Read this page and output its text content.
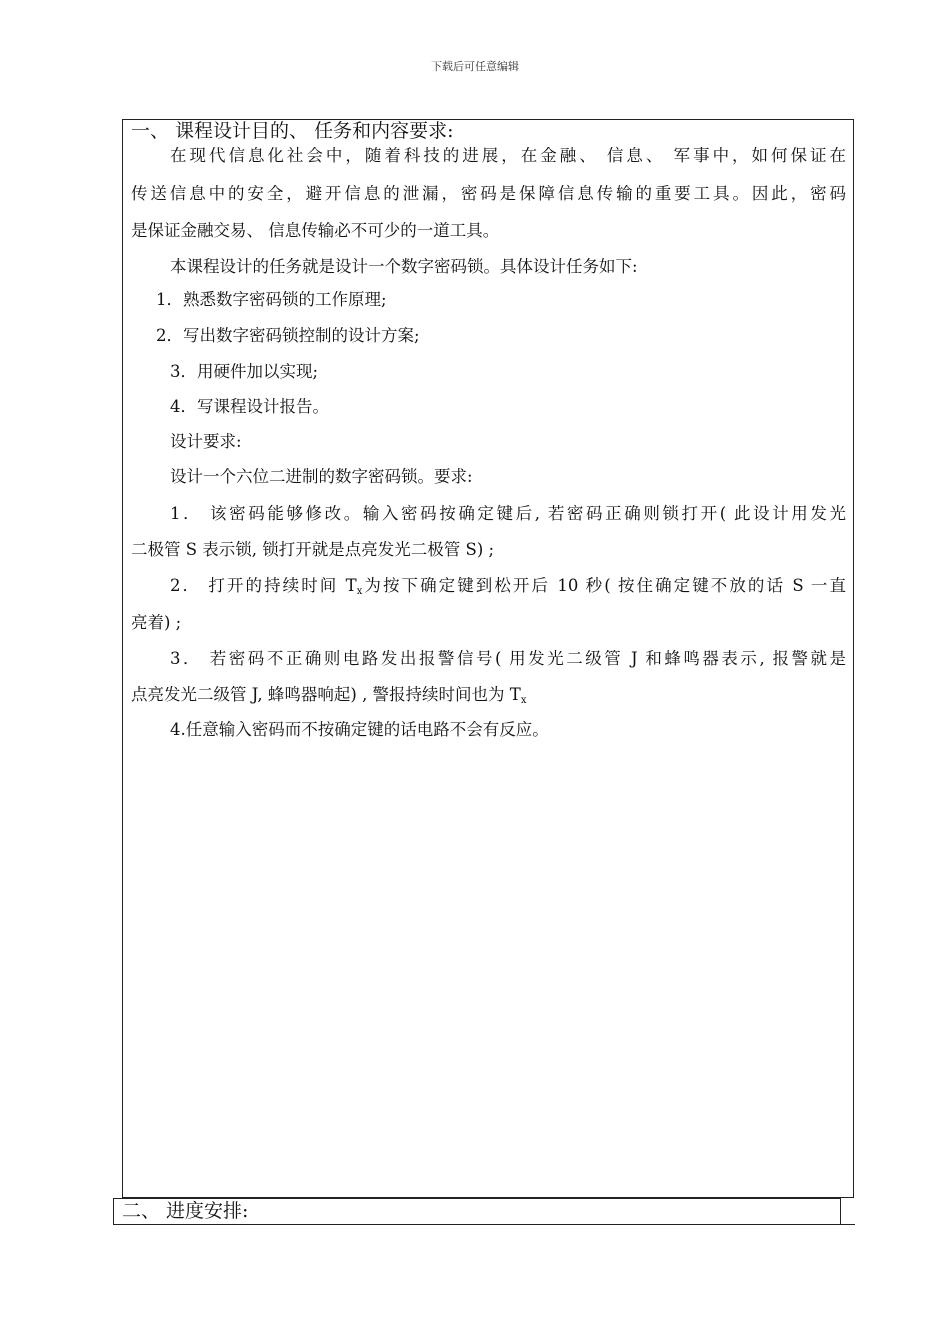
下载后可任意编辑
一、 课程设计目的、 任务和内容要求:
在现代信息化社会中，随着科技的进展，在金融、 信息、 军事中，如何保证在
传送信息中的安全，避开信息的泄漏，密码是保障信息传输的重要工具。因此，密码
是保证金融交易、 信息传输必不可少的一道工具。
本课程设计的任务就是设计一个数字密码锁。具体设计任务如下:
1．熟悉数字密码锁的工作原理;
2．写出数字密码锁控制的设计方案;
3．用硬件加以实现;
4．写课程设计报告。
设计要求:
设计一个六位二进制的数字密码锁。要求:
1． 该密码能够修改。输入密码按确定键后, 若密码正确则锁打开( 此设计用发光
二极管 S 表示锁, 锁打开就是点亮发光二极管 S) ;
2． 打开的持续时间 $T_x$为按下确定键到松开后 10 秒( 按住确定键不放的话 S 一直
亮着) ;
3． 若密码不正确则电路发出报警信号( 用发光二级管 J 和蜂鸣器表示, 报警就是
点亮发光二级管 J, 蜂鸣器响起) , 警报持续时间也为 $T_x$
4.任意输入密码而不按确定键的话电路不会有反应。
二、 进度安排:
